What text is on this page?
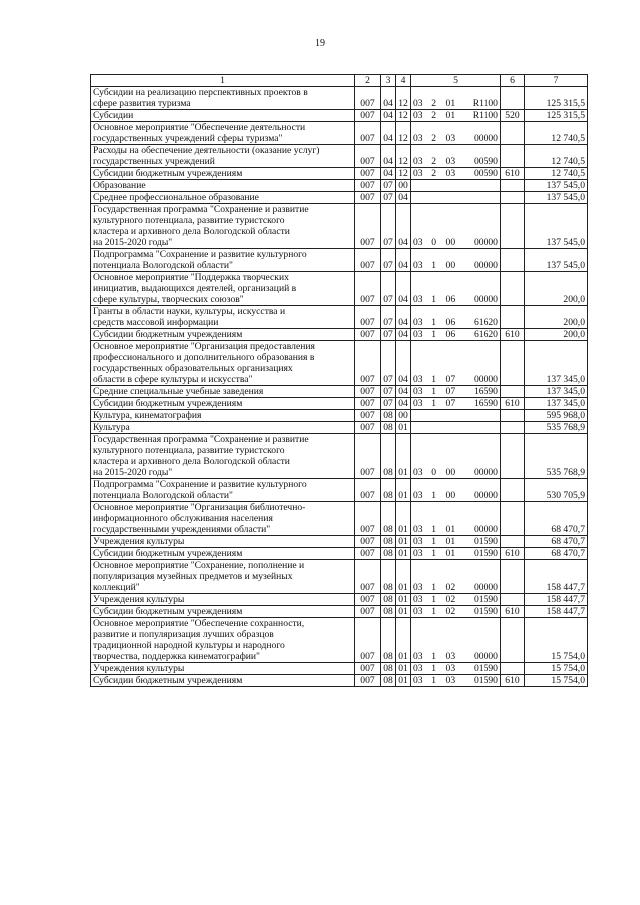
19
1	2	3	4	5	6	7
Субсидии на реализацию перспективных проектов в
сфере развития туризма	007	04	12	03 2 01 R1100		125 315,5
Субсидии	007	04	12	03 2 01 R1100	520	125 315,5
Основное мероприятие "Обеспечение деятельности
государственных учреждений сферы туризма"	007	04	12	03 2 03 00000		12 740,5
Расходы на обеспечение деятельности (оказание услуг)
государственных учреждений	007	04	12	03 2 03 00590		12 740,5
Субсидии бюджетным учреждениям	007	04	12	03 2 03 00590	610	12 740,5
Образование	007	07	00			137 545,0
Среднее профессиональное образование	007	07	04			137 545,0
Государственная программа "Сохранение и развитие
культурного потенциала, развитие туристского
кластера и архивного дела Вологодской области
на 2015-2020 годы"	007	07	04	03 0 00 00000		137 545,0
Подпрограмма "Сохранение и развитие культурного
потенциала Вологодской области"	007	07	04	03 1 00 00000		137 545,0
Основное мероприятие "Поддержка творческих
инициатив, выдающихся деятелей, организаций в
сфере культуры, творческих союзов"	007	07	04	03 1 06 00000		200,0
Гранты в области науки, культуры, искусства и
средств массовой информации	007	07	04	03 1 06 61620		200,0
Субсидии бюджетным учреждениям	007	07	04	03 1 06 61620	610	200,0
Основное мероприятие "Организация предоставления
профессионального и дополнительного образования в
государственных образовательных организациях
области в сфере культуры и искусства"	007	07	04	03 1 07 00000		137 345,0
Средние специальные учебные заведения	007	07	04	03 1 07 16590		137 345,0
Субсидии бюджетным учреждениям	007	07	04	03 1 07 16590	610	137 345,0
Культура, кинематография	007	08	00			595 968,0
Культура	007	08	01			535 768,9
Государственная программа "Сохранение и развитие
культурного потенциала, развитие туристского
кластера и архивного дела Вологодской области
на 2015-2020 годы"	007	08	01	03 0 00 00000		535 768,9
Подпрограмма "Сохранение и развитие культурного
потенциала Вологодской области"	007	08	01	03 1 00 00000		530 705,9
Основное мероприятие "Организация библиотечно-
информационного обслуживания населения
государственными учреждениями области"	007	08	01	03 1 01 00000		68 470,7
Учреждения культуры	007	08	01	03 1 01 01590		68 470,7
Субсидии бюджетным учреждениям	007	08	01	03 1 01 01590	610	68 470,7
Основное мероприятие "Сохранение, пополнение и
популяризация музейных предметов и музейных
коллекций"	007	08	01	03 1 02 00000		158 447,7
Учреждения культуры	007	08	01	03 1 02 01590		158 447,7
Субсидии бюджетным учреждениям	007	08	01	03 1 02 01590	610	158 447,7
Основное мероприятие "Обеспечение сохранности,
развитие и популяризация лучших образцов
традиционной народной культуры и народного
творчества, поддержка кинематографии"	007	08	01	03 1 03 00000		15 754,0
Учреждения культуры	007	08	01	03 1 03 01590		15 754,0
Субсидии бюджетным учреждениям	007	08	01	03 1 03 01590	610	15 754,0
